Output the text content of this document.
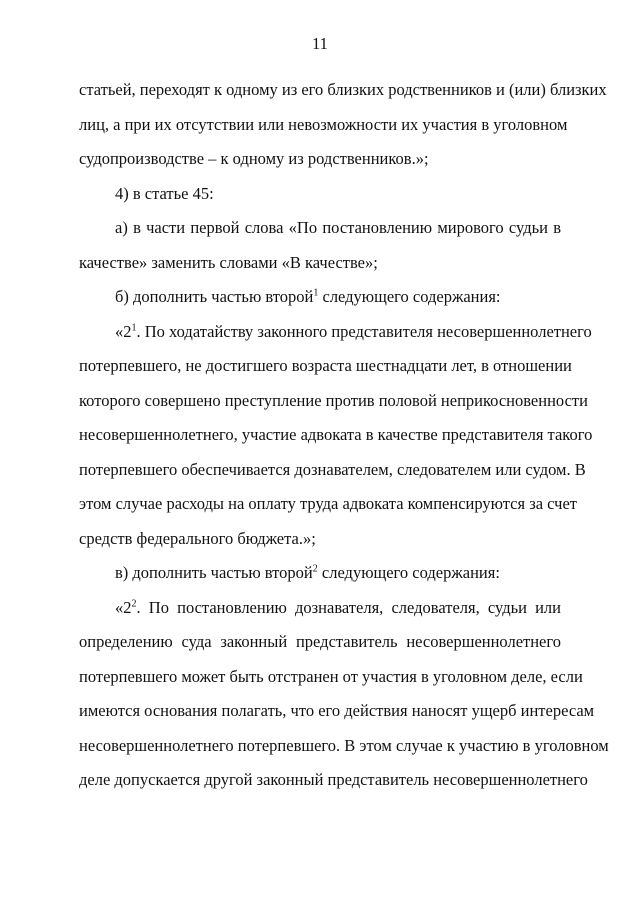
11
статьей, переходят к одному из его близких родственников и (или) близких
лиц, а при их отсутствии или невозможности их участия в уголовном
судопроизводстве – к одному из родственников.»;
4) в статье 45:
а) в части первой слова «По постановлению мирового судьи в
качестве» заменить словами «В качестве»;
б) дополнить частью второй$^1$ следующего содержания:
«$2^1$. По ходатайству законного представителя несовершеннолетнего
потерпевшего, не достигшего возраста шестнадцати лет, в отношении
которого совершено преступление против половой неприкосновенности
несовершеннолетнего, участие адвоката в качестве представителя такого
потерпевшего обеспечивается дознавателем, следователем или судом. В
этом случае расходы на оплату труда адвоката компенсируются за счет
средств федерального бюджета.»;
в) дополнить частью второй$^2$ следующего содержания:
«$2^2$. По постановлению дознавателя, следователя, судьи или
определению суда законный представитель несовершеннолетнего
потерпевшего может быть отстранен от участия в уголовном деле, если
имеются основания полагать, что его действия наносят ущерб интересам
несовершеннолетнего потерпевшего. В этом случае к участию в уголовном
деле допускается другой законный представитель несовершеннолетнего
